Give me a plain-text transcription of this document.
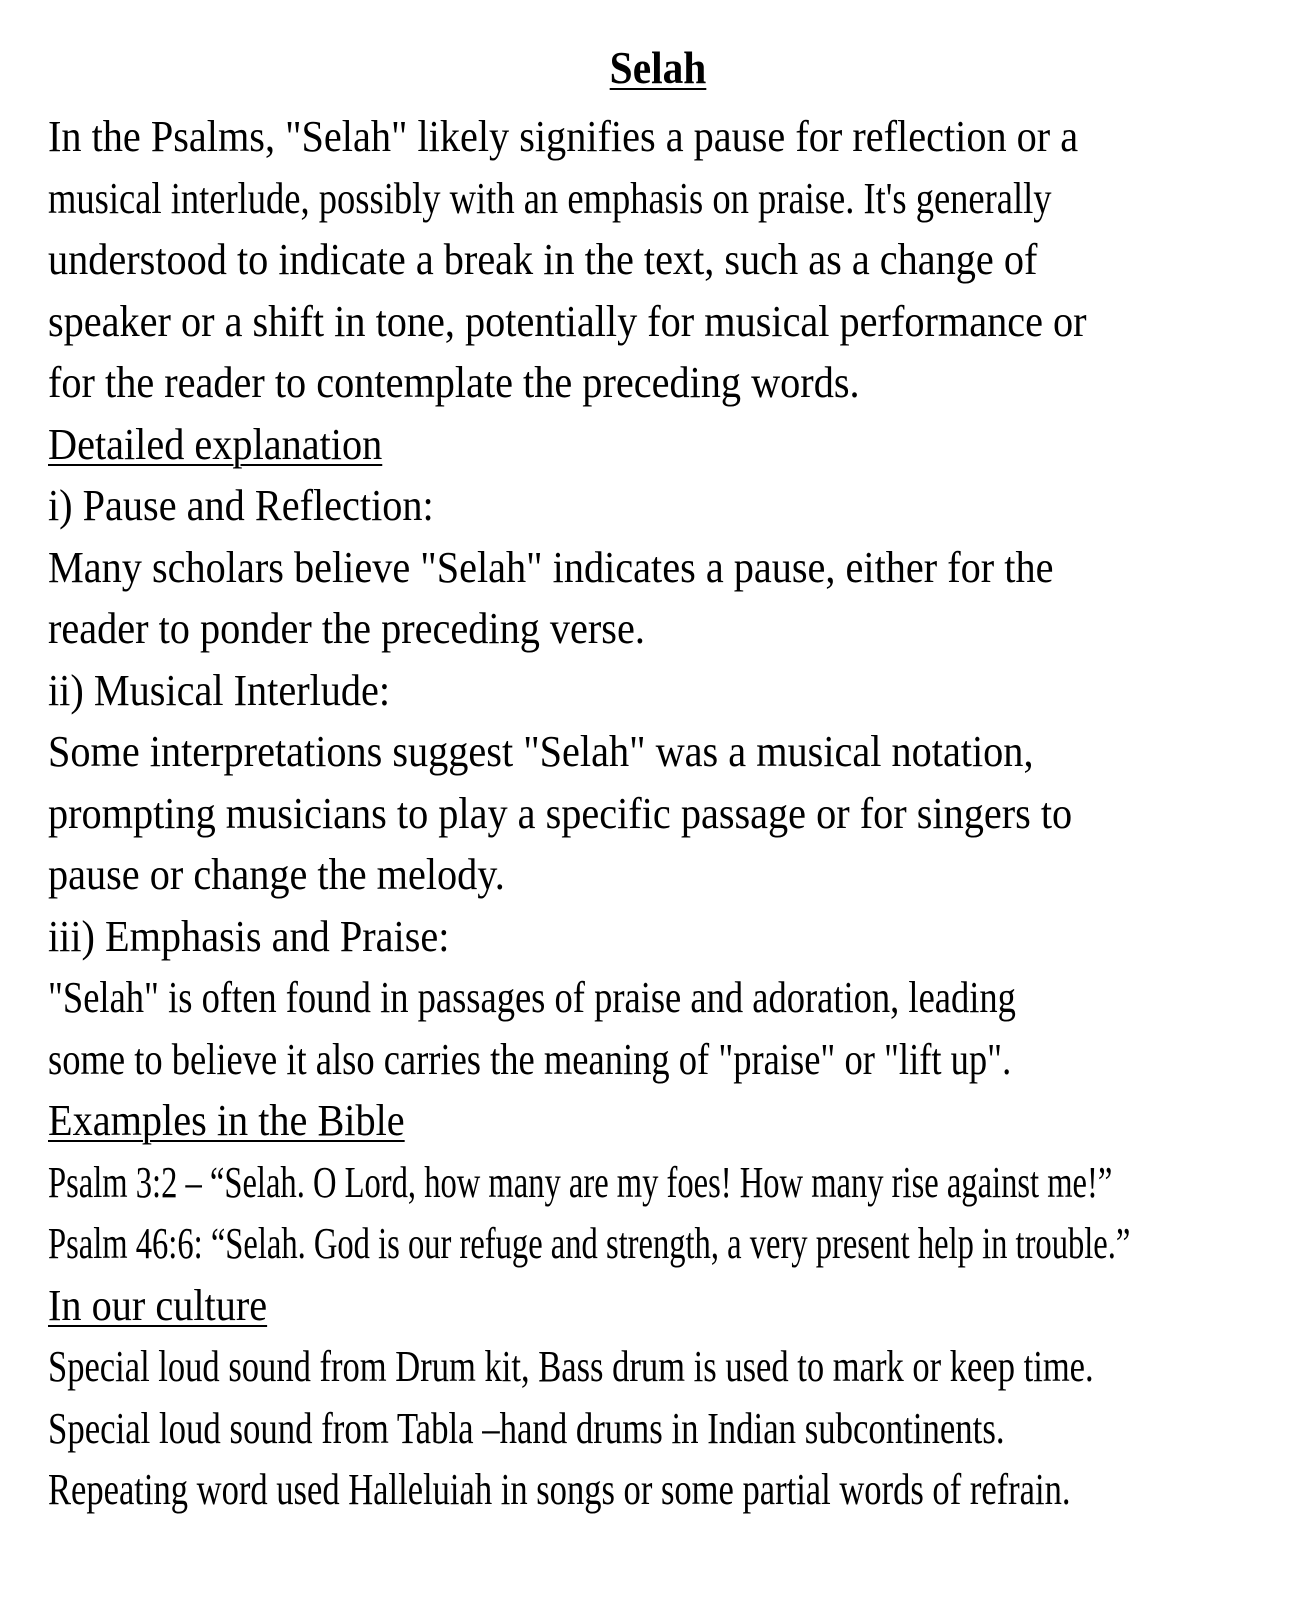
Selah
In the Psalms, "Selah" likely signifies a pause for reflection or a
musical interlude, possibly with an emphasis on praise. It's generally
understood to indicate a break in the text, such as a change of
speaker or a shift in tone, potentially for musical performance or
for the reader to contemplate the preceding words.
Detailed explanation
i) Pause and Reflection:
Many scholars believe "Selah" indicates a pause, either for the
reader to ponder the preceding verse.
ii) Musical Interlude:
Some interpretations suggest "Selah" was a musical notation,
prompting musicians to play a specific passage or for singers to
pause or change the melody.
iii) Emphasis and Praise:
"Selah" is often found in passages of praise and adoration, leading
some to believe it also carries the meaning of "praise" or "lift up".
Examples in the Bible
Psalm 3:2 – “Selah. O Lord, how many are my foes! How many rise against me!”
Psalm 46:6: “Selah. God is our refuge and strength, a very present help in trouble.”
In our culture
Special loud sound from Drum kit, Bass drum is used to mark or keep time.
Special loud sound from Tabla –hand drums in Indian subcontinents.
Repeating word used Halleluiah in songs or some partial words of refrain.
